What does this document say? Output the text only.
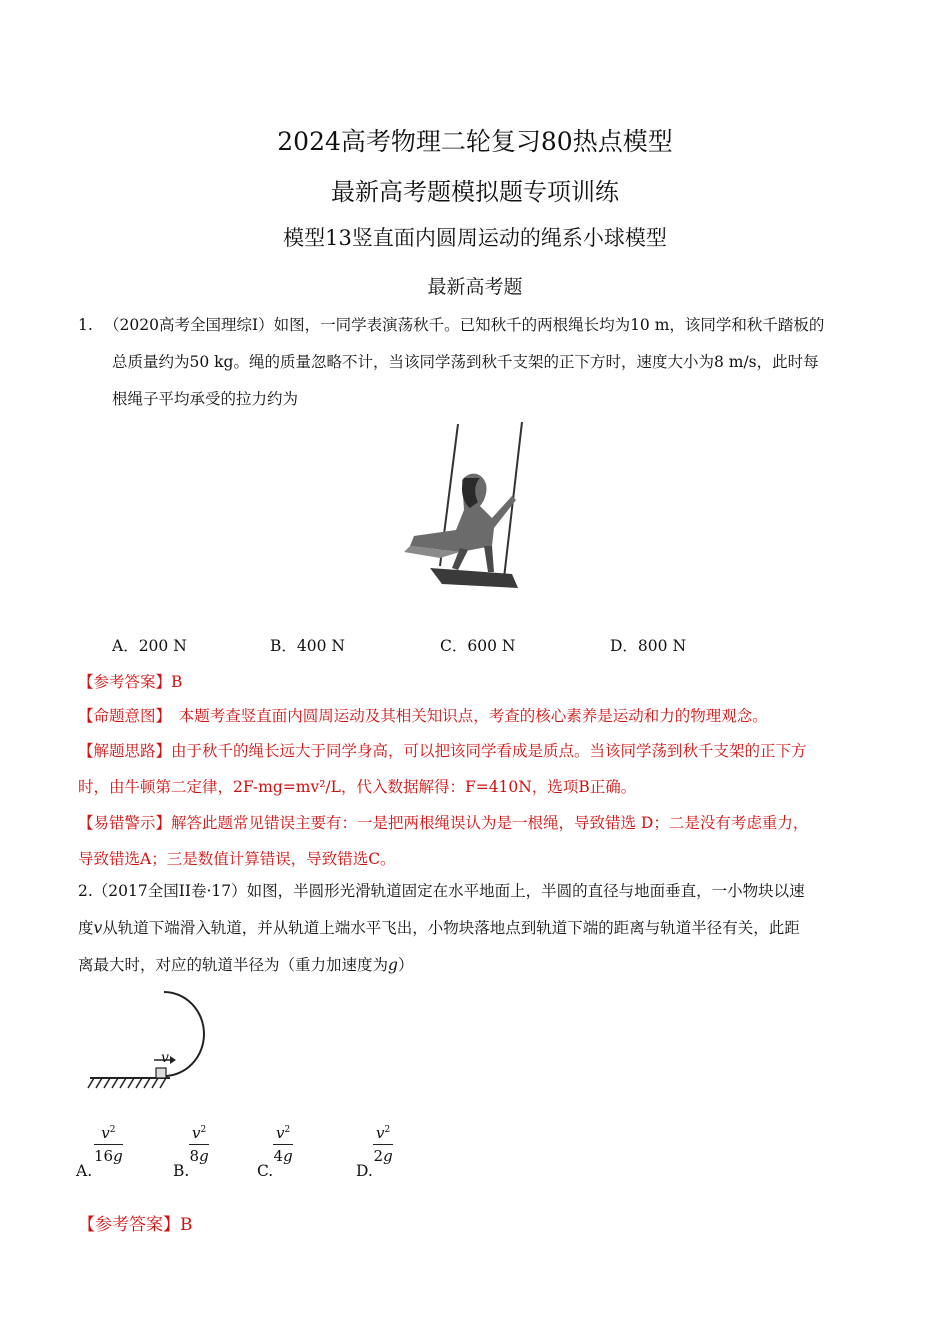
2024高考物理二轮复习80热点模型
最新高考题模拟题专项训练
模型13竖直面内圆周运动的绳系小球模型
最新高考题
1. （2020高考全国理综I）如图，一同学表演荡秋千。已知秋千的两根绳长均为10 m，该同学和秋千踏板的
总质量约为50 kg。绳的质量忽略不计，当该同学荡到秋千支架的正下方时，速度大小为8 m/s，此时每
根绳子平均承受的拉力约为
A．200 N	B．400 N	C．600 N	D．800 N
【参考答案】B
【命题意图】　本题考查竖直面内圆周运动及其相关知识点，考查的核心素养是运动和力的物理观念。
【解题思路】由于秋千的绳长远大于同学身高，可以把该同学看成是质点。当该同学荡到秋千支架的正下方
时，由牛顿第二定律，2F-mg=mv²/L，代入数据解得：F=410N，选项B正确。
【易错警示】解答此题常见错误主要有：一是把两根绳误认为是一根绳，导致错选 D；二是没有考虑重力，
导致错选A；三是数值计算错误，导致错选C。
2.（2017全国II卷·17）如图，半圆形光滑轨道固定在水平地面上，半圆的直径与地面垂直，一小物块以速
度v从轨道下端滑入轨道，并从轨道上端水平飞出，小物块落地点到轨道下端的距离与轨道半径有关，此距
离最大时，对应的轨道半径为（重力加速度为g）
v
A.
$\frac{v^2}{16g}$
B.
$\frac{v^2}{8g}$
C.
$\frac{v^2}{4g}$
D.
$\frac{v^2}{2g}$
【参考答案】B
